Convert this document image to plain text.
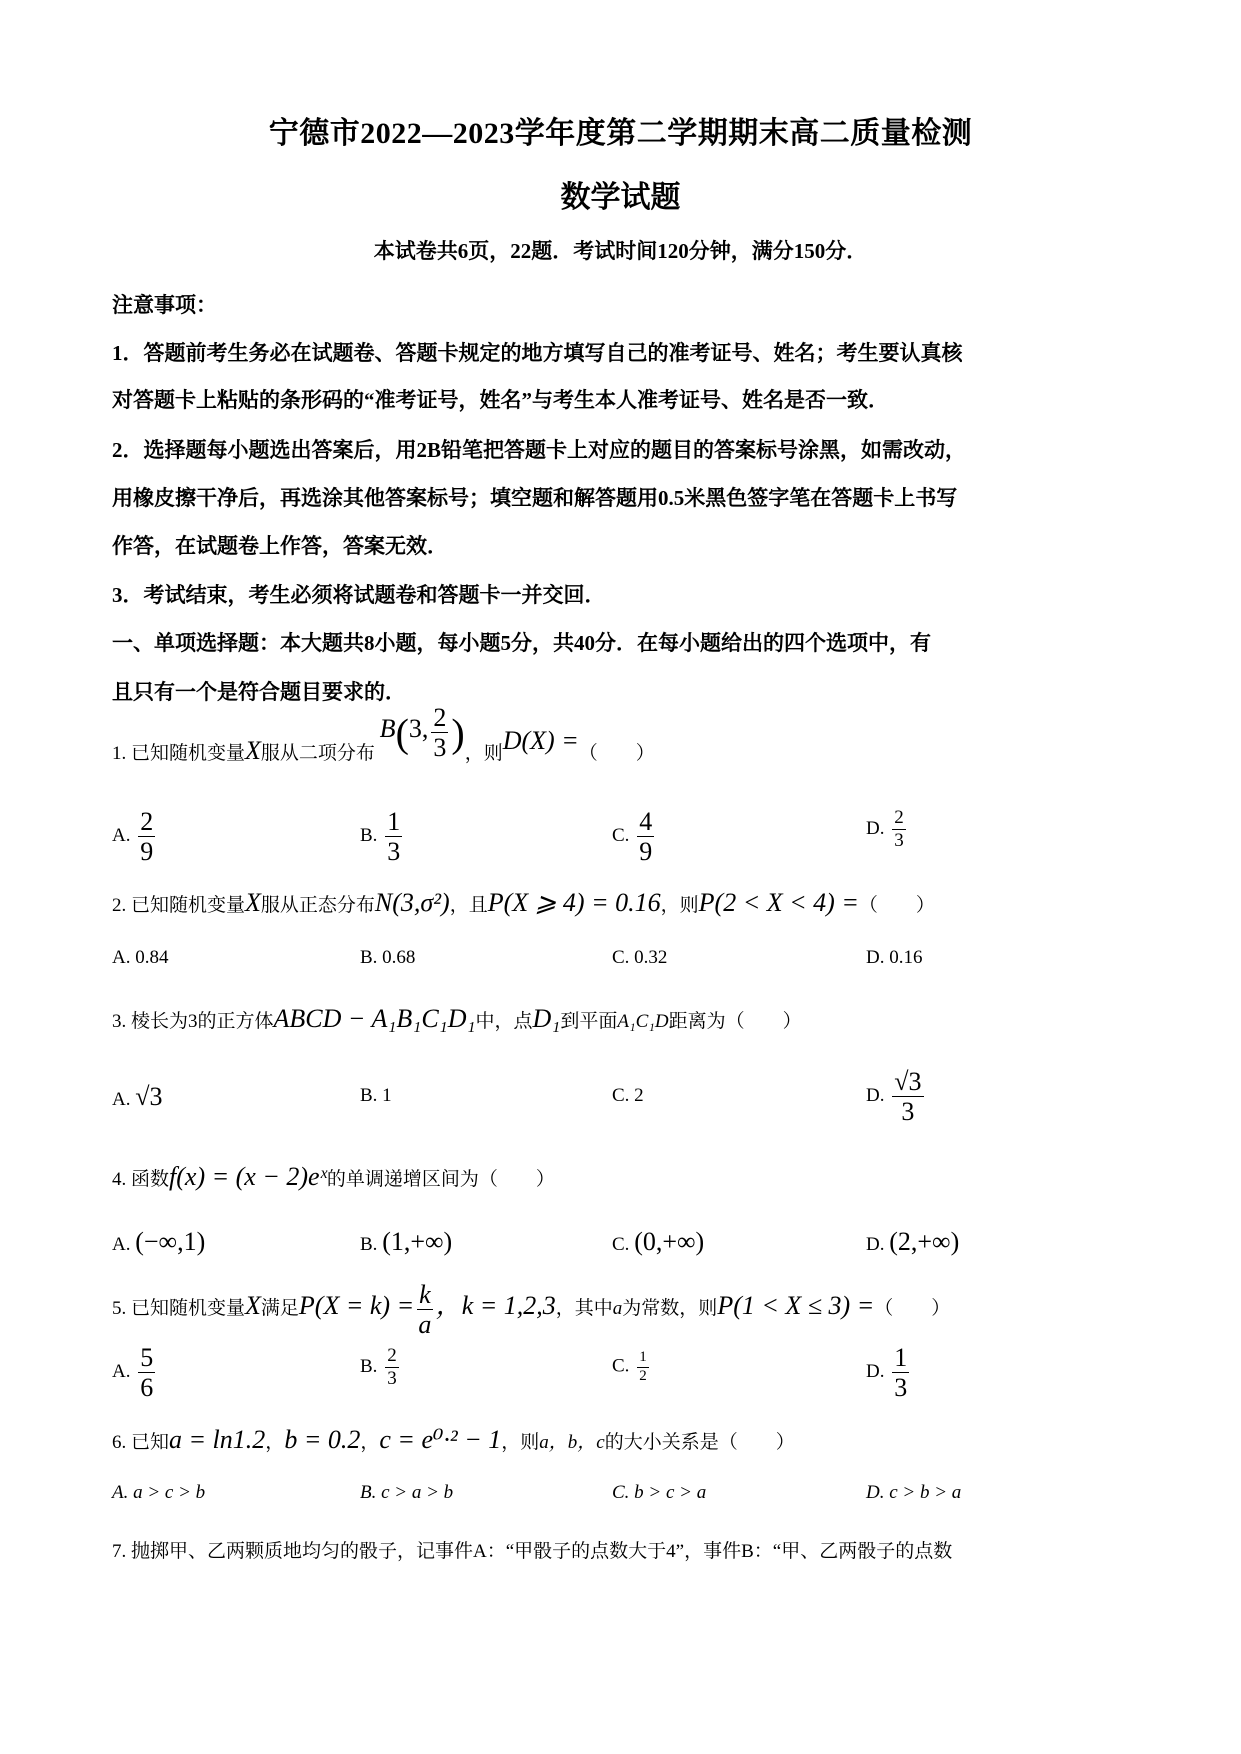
宁德市2022—2023学年度第二学期期末高二质量检测
数学试题
本试卷共6页，22题．考试时间120分钟，满分150分．
注意事项：
1．答题前考生务必在试题卷、答题卡规定的地方填写自己的准考证号、姓名；考生要认真核
对答题卡上粘贴的条形码的“准考证号，姓名”与考生本人准考证号、姓名是否一致．
2．选择题每小题选出答案后，用2B铅笔把答题卡上对应的题目的答案标号涂黑，如需改动，
用橡皮擦干净后，再选涂其他答案标号；填空题和解答题用0.5米黑色签字笔在答题卡上书写
作答，在试题卷上作答，答案无效．
3．考试结束，考生必须将试题卷和答题卡一并交回．
一、单项选择题：本大题共8小题，每小题5分，共40分．在每小题给出的四个选项中，有
且只有一个是符合题目要求的．
1. 已知随机变量X服从二项分布 B(3, $\frac{2}{3}$ )，则D(X) =（　　）
A. $\frac{2}{9}$	B. $\frac{1}{3}$	C. $\frac{4}{9}$	D. $\frac{2}{3}$
2. 已知随机变量X服从正态分布N(3,σ²)，且P(X ⩾ 4) = 0.16，则P(2 < X < 4) =（　　）
A. 0.84	B. 0.68	C. 0.32	D. 0.16
3. 棱长为3的正方体ABCD − A₁B₁C₁D₁中，点D₁到平面A₁C₁D距离为（　　）
A. √3	B. 1	C. 2	D. $\frac{√3}{3}$
4. 函数f(x) = (x − 2)eˣ的单调递增区间为（　　）
A. (−∞,1)	B. (1,+∞)	C. (0,+∞)	D. (2,+∞)
5. 已知随机变量X满足$P(X = k) = \frac{k}{a}$ ，k = 1,2,3，其中a为常数，则P(1 < X ≤ 3) =（　　）
A. $\frac{5}{6}$	B. $\frac{2}{3}$	C. $\frac{1}{2}$	D. $\frac{1}{3}$
6. 已知a = ln1.2，b = 0.2，c = e⁰·² − 1，则a，b，c的大小关系是（　　）
A. a > c > b	B. c > a > b	C. b > c > a	D. c > b > a
7. 抛掷甲、乙两颗质地均匀的骰子，记事件A：“甲骰子的点数大于4”，事件B：“甲、乙两骰子的点数
